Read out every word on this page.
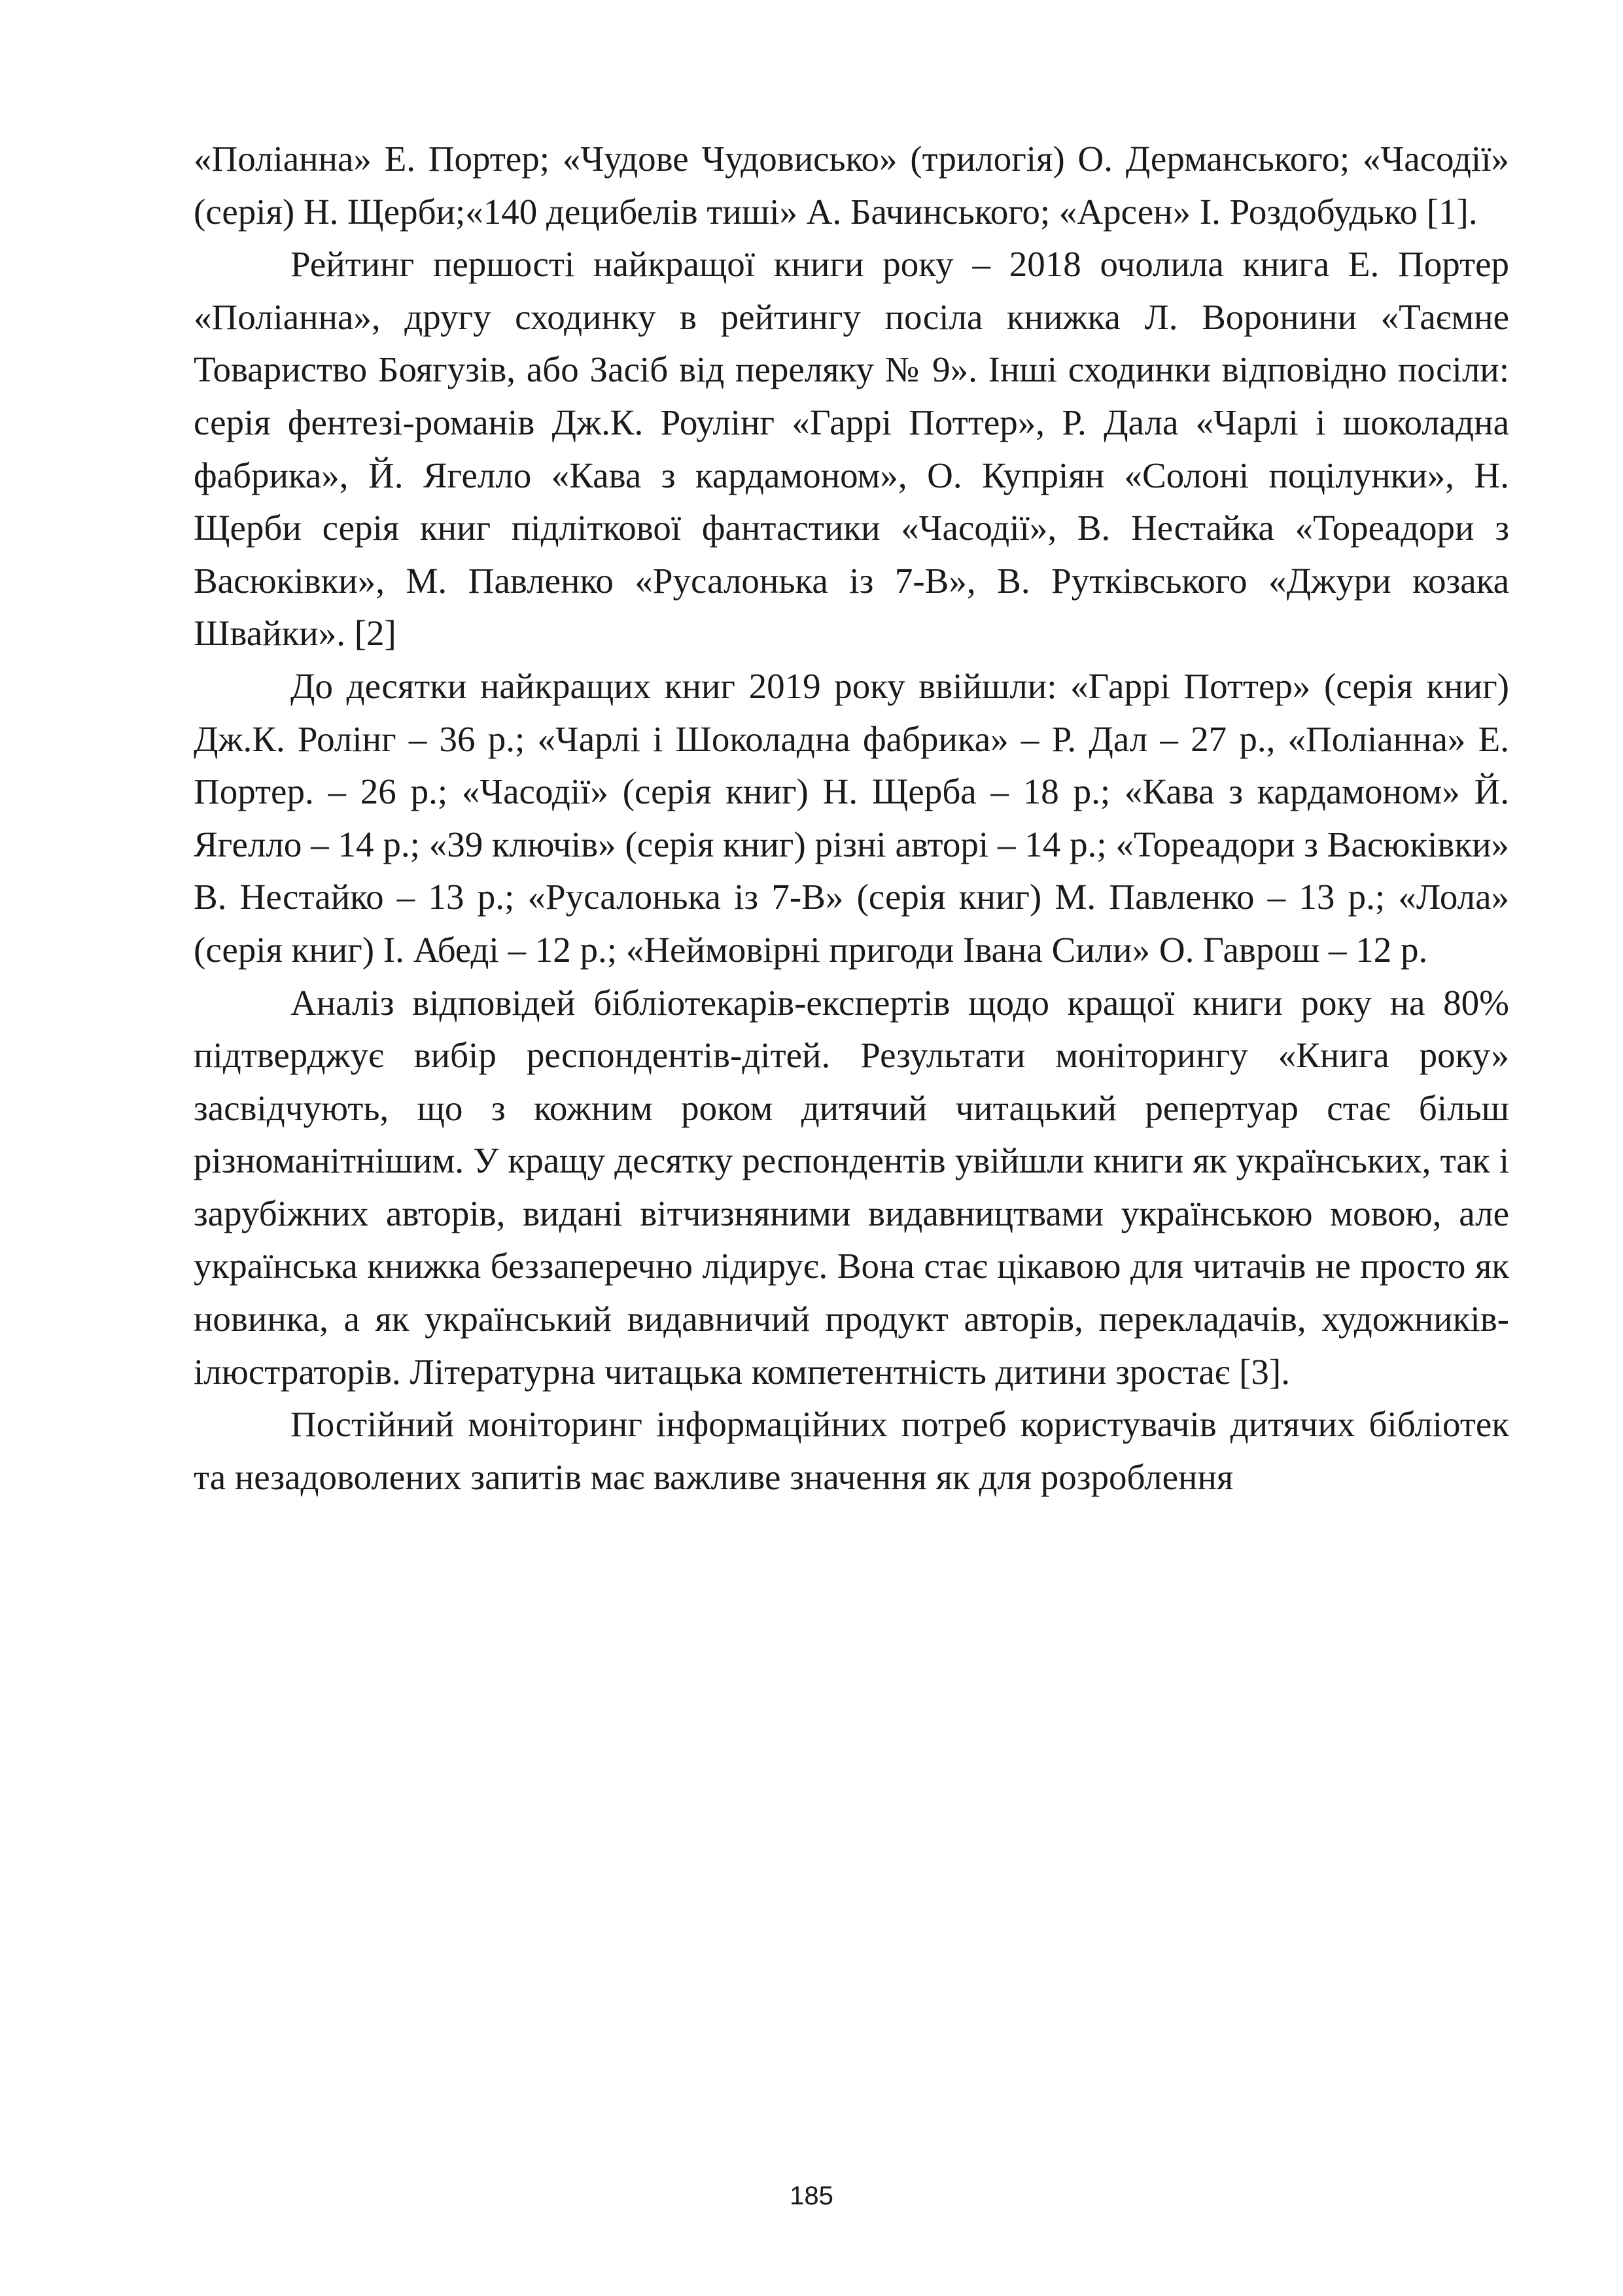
«Поліанна» Е. Портер; «Чудове Чудовисько» (трилогія) О. Дерманського; «Часодії» (серія) Н. Щерби;«140 децибелів тиші» А. Бачинського; «Арсен» І. Роздобудько [1].

Рейтинг першості найкращої книги року – 2018 очолила книга Е. Портер «Поліанна», другу сходинку в рейтингу посіла книжка Л. Воронини «Таємне Товариство Боягузів, або Засіб від переляку № 9». Інші сходинки відповідно посіли: серія фентезі-романів Дж.К. Роулінг «Гаррі Поттер», Р. Дала «Чарлі і шоколадна фабрика», Й. Ягелло «Кава з кардамоном», О. Купріян «Солоні поцілунки», Н. Щерби серія книг підліткової фантастики «Часодії», В. Нестайка «Тореадори з Васюківки», М. Павленко «Русалонька із 7-В», В. Рутківського «Джури козака Швайки». [2]

До десятки найкращих книг 2019 року ввійшли: «Гаррі Поттер» (серія книг) Дж.К. Ролінг – 36 р.; «Чарлі і Шоколадна фабрика» – Р. Дал – 27 р., «Поліанна» Е. Портер. – 26 р.; «Часодії» (серія книг) Н. Щерба – 18 р.; «Кава з кардамоном» Й. Ягелло – 14 р.; «39 ключів» (серія книг) різні авторі – 14 р.; «Тореадори з Васюківки» В. Нестайко – 13 р.; «Русалонька із 7-В» (серія книг) М. Павленко – 13 р.; «Лола» (серія книг) І. Абеді – 12 р.; «Неймовірні пригоди Івана Сили» О. Гаврош – 12 р.

Аналіз відповідей бібліотекарів-експертів щодо кращої книги року на 80% підтверджує вибір респондентів-дітей. Результати моніторингу «Книга року» засвідчують, що з кожним роком дитячий читацький репертуар стає більш різноманітнішим. У кращу десятку респондентів увійшли книги як українських, так і зарубіжних авторів, видані вітчизняними видавництвами українською мовою, але українська книжка беззаперечно лідирує. Вона стає цікавою для читачів не просто як новинка, а як український видавничий продукт авторів, перекладачів, художників-ілюстраторів. Літературна читацька компетентність дитини зростає [3].

Постійний моніторинг інформаційних потреб користувачів дитячих бібліотек та незадоволених запитів має важливе значення як для розроблення

185
